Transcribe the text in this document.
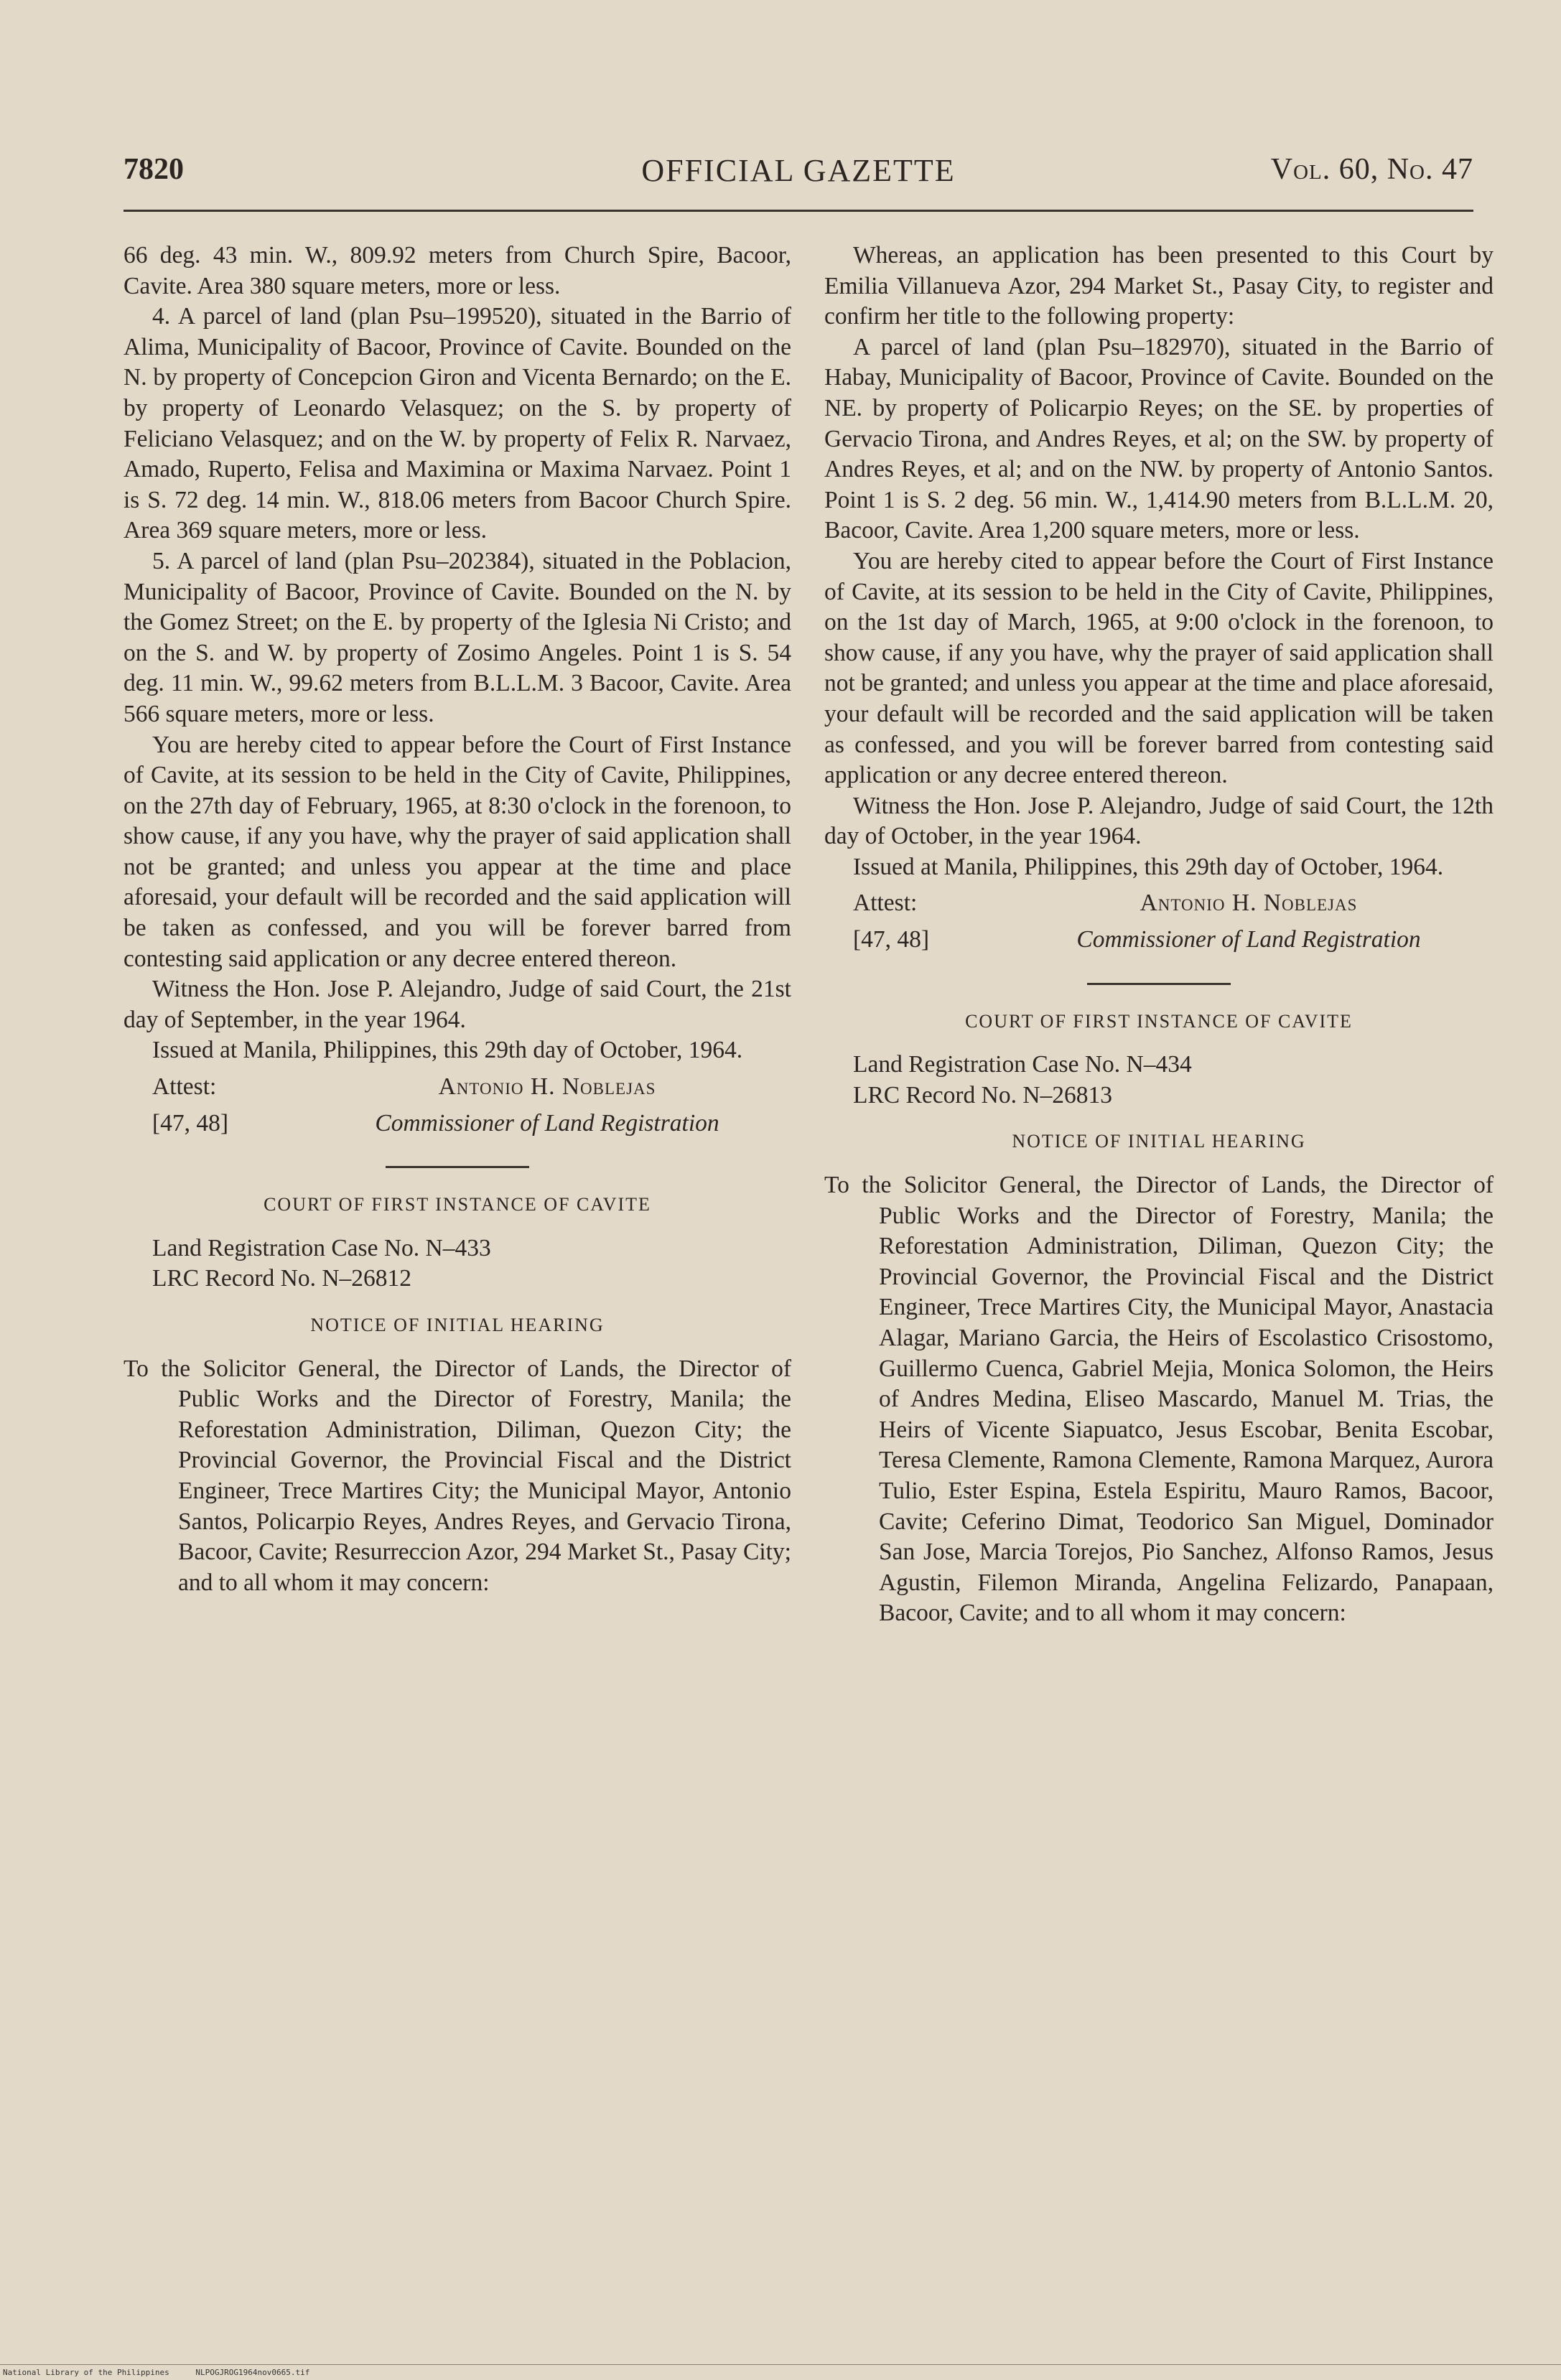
7820	OFFICIAL GAZETTE	Vol. 60, No. 47

66 deg. 43 min. W., 809.92 meters from Church Spire, Bacoor, Cavite. Area 380 square meters, more or less.

4. A parcel of land (plan Psu–199520), situated in the Barrio of Alima, Municipality of Bacoor, Province of Cavite. Bounded on the N. by property of Concepcion Giron and Vicenta Bernardo; on the E. by property of Leonardo Velasquez; on the S. by property of Feliciano Velasquez; and on the W. by property of Felix R. Narvaez, Amado, Ruperto, Felisa and Maximina or Maxima Narvaez. Point 1 is S. 72 deg. 14 min. W., 818.06 meters from Bacoor Church Spire. Area 369 square meters, more or less.

5. A parcel of land (plan Psu–202384), situated in the Poblacion, Municipality of Bacoor, Province of Cavite. Bounded on the N. by the Gomez Street; on the E. by property of the Iglesia Ni Cristo; and on the S. and W. by property of Zosimo Angeles. Point 1 is S. 54 deg. 11 min. W., 99.62 meters from B.L.L.M. 3 Bacoor, Cavite. Area 566 square meters, more or less.

You are hereby cited to appear before the Court of First Instance of Cavite, at its session to be held in the City of Cavite, Philippines, on the 27th day of February, 1965, at 8:30 o'clock in the forenoon, to show cause, if any you have, why the prayer of said application shall not be granted; and unless you appear at the time and place aforesaid, your default will be recorded and the said application will be taken as confessed, and you will be forever barred from contesting said application or any decree entered thereon.

Witness the Hon. Jose P. Alejandro, Judge of said Court, the 21st day of September, in the year 1964.

Issued at Manila, Philippines, this 29th day of October, 1964.

Attest:	Antonio H. Noblejas
[47, 48]	Commissioner of Land Registration
COURT OF FIRST INSTANCE OF CAVITE

Land Registration Case No. N–433

LRC Record No. N–26812

NOTICE OF INITIAL HEARING

To the Solicitor General, the Director of Lands, the Director of Public Works and the Director of Forestry, Manila; the Reforestation Administration, Diliman, Quezon City; the Provincial Governor, the Provincial Fiscal and the District Engineer, Trece Martires City; the Municipal Mayor, Antonio Santos, Policarpio Reyes, Andres Reyes, and Gervacio Tirona, Bacoor, Cavite; Resurreccion Azor, 294 Market St., Pasay City; and to all whom it may concern:

Whereas, an application has been presented to this Court by Emilia Villanueva Azor, 294 Market St., Pasay City, to register and confirm her title to the following property:

A parcel of land (plan Psu–182970), situated in the Barrio of Habay, Municipality of Bacoor, Province of Cavite. Bounded on the NE. by property of Policarpio Reyes; on the SE. by properties of Gervacio Tirona, and Andres Reyes, et al; on the SW. by property of Andres Reyes, et al; and on the NW. by property of Antonio Santos. Point 1 is S. 2 deg. 56 min. W., 1,414.90 meters from B.L.L.M. 20, Bacoor, Cavite. Area 1,200 square meters, more or less.

You are hereby cited to appear before the Court of First Instance of Cavite, at its session to be held in the City of Cavite, Philippines, on the 1st day of March, 1965, at 9:00 o'clock in the forenoon, to show cause, if any you have, why the prayer of said application shall not be granted; and unless you appear at the time and place aforesaid, your default will be recorded and the said application will be taken as confessed, and you will be forever barred from contesting said application or any decree entered thereon.

Witness the Hon. Jose P. Alejandro, Judge of said Court, the 12th day of October, in the year 1964.

Issued at Manila, Philippines, this 29th day of October, 1964.

Attest:	Antonio H. Noblejas
[47, 48]	Commissioner of Land Registration
COURT OF FIRST INSTANCE OF CAVITE

Land Registration Case No. N–434

LRC Record No. N–26813

NOTICE OF INITIAL HEARING

To the Solicitor General, the Director of Lands, the Director of Public Works and the Director of Forestry, Manila; the Reforestation Administration, Diliman, Quezon City; the Provincial Governor, the Provincial Fiscal and the District Engineer, Trece Martires City, the Municipal Mayor, Anastacia Alagar, Mariano Garcia, the Heirs of Escolastico Crisostomo, Guillermo Cuenca, Gabriel Mejia, Monica Solomon, the Heirs of Andres Medina, Eliseo Mascardo, Manuel M. Trias, the Heirs of Vicente Siapuatco, Jesus Escobar, Benita Escobar, Teresa Clemente, Ramona Clemente, Ramona Marquez, Aurora Tulio, Ester Espina, Estela Espiritu, Mauro Ramos, Bacoor, Cavite; Ceferino Dimat, Teodorico San Miguel, Dominador San Jose, Marcia Torejos, Pio Sanchez, Alfonso Ramos, Jesus Agustin, Filemon Miranda, Angelina Felizardo, Panapaan, Bacoor, Cavite; and to all whom it may concern:

National Library of the Philippines	NLPOGJROG1964nov0665.tif
